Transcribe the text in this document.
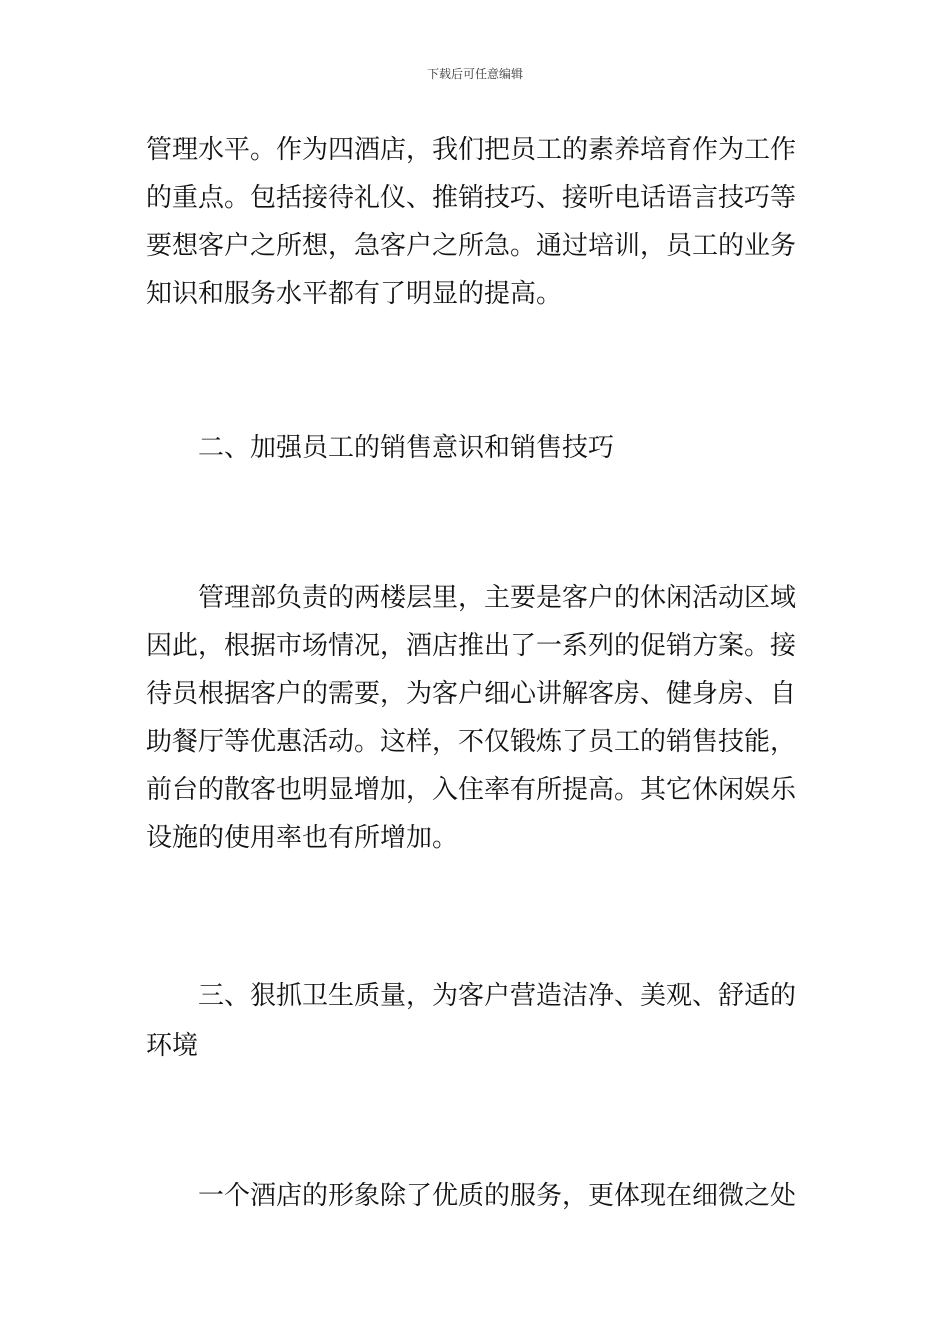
下载后可任意编辑
管理水平。作为四酒店，我们把员工的素养培育作为工作
的重点。包括接待礼仪、推销技巧、接听电话语言技巧等
要想客户之所想，急客户之所急。通过培训，员工的业务
知识和服务水平都有了明显的提高。
二、加强员工的销售意识和销售技巧
管理部负责的两楼层里，主要是客户的休闲活动区域
因此，根据市场情况，酒店推出了一系列的促销方案。接
待员根据客户的需要，为客户细心讲解客房、健身房、自
助餐厅等优惠活动。这样，不仅锻炼了员工的销售技能，
前台的散客也明显增加，入住率有所提高。其它休闲娱乐
设施的使用率也有所增加。
三、狠抓卫生质量，为客户营造洁净、美观、舒适的
环境
一个酒店的形象除了优质的服务，更体现在细微之处
